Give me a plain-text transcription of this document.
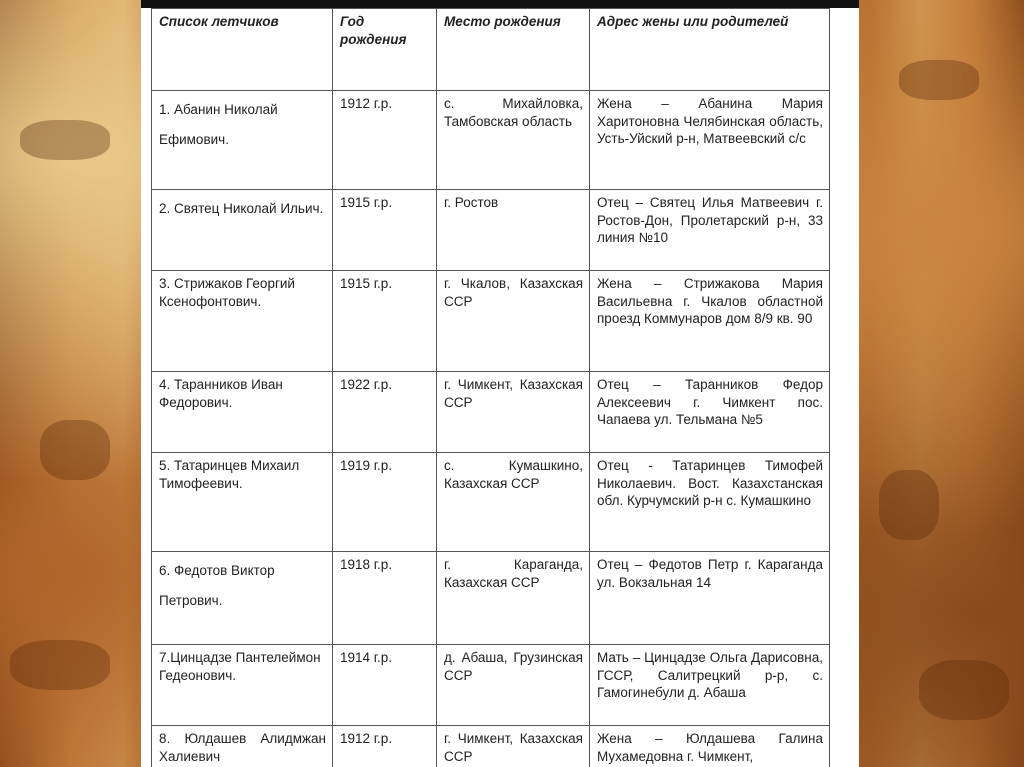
Список летчиков	Год рождения	Место рождения	Адрес жены или родителей
1. Абанин Николай Ефимович.	1912 г.р.	с. Михайловка, Тамбовская область	Жена – Абанина Мария Харитоновна Челябинская область, Усть-Уйский р-н, Матвеевский с/с
2. Святец Николай Ильич.	1915 г.р.	г. Ростов	Отец – Святец Илья Матвеевич г. Ростов-Дон, Пролетарский р-н, 33 линия №10
3. Стрижаков Георгий Ксенофонтович.	1915 г.р.	г. Чкалов, Казахская ССР	Жена – Стрижакова Мария Васильевна г. Чкалов областной проезд Коммунаров дом 8/9 кв. 90
4. Таранников Иван Федорович.	1922 г.р.	г. Чимкент, Казахская ССР	Отец – Таранников Федор Алексеевич г. Чимкент пос. Чапаева ул. Тельмана №5
5. Татаринцев Михаил Тимофеевич.	1919 г.р.	с. Кумашкино, Казахская ССР	Отец - Татаринцев Тимофей Николаевич. Вост. Казахстанская обл. Курчумский р-н с. Кумашкино
6. Федотов Виктор Петрович.	1918 г.р.	г. Караганда, Казахская ССР	Отец – Федотов Петр г. Караганда ул. Вокзальная 14
7.Цинцадзе Пантелеймон Гедеонович.	1914 г.р.	д. Абаша, Грузинская ССР	Мать – Цинцадзе Ольга Дарисовна, ГССР, Салитрецкий р-р, с. Гамогинебули д. Абаша
8. Юлдашев Алидмжан Халиевич	1912 г.р.	г. Чимкент, Казахская ССР	Жена – Юлдашева Галина Мухамедовна г. Чимкент,
